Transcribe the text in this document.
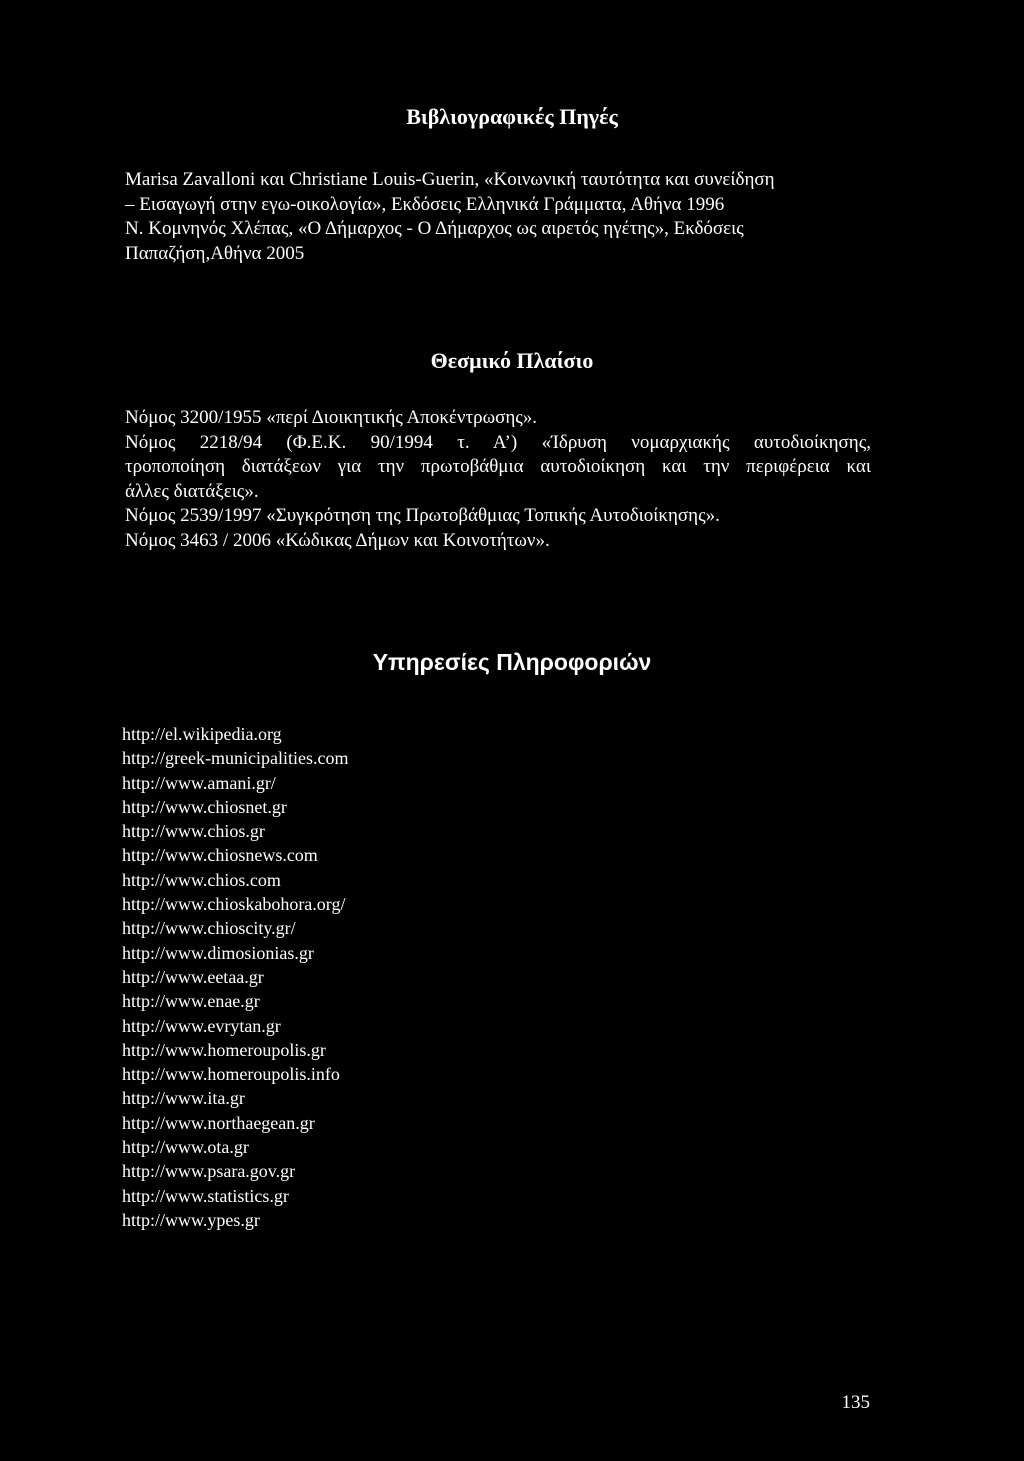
Βιβλιογραφικές Πηγές
Marisa Zavalloni και Christiane Louis-Guerin, «Κοινωνική ταυτότητα και συνείδηση
– Εισαγωγή στην εγω-οικολογία», Εκδόσεις Ελληνικά Γράμματα, Αθήνα 1996
Ν. Κομνηνός Χλέπας, «Ο Δήμαρχος - Ο Δήμαρχος ως αιρετός ηγέτης», Εκδόσεις
Παπαζήση,Αθήνα 2005
Θεσμικό Πλαίσιο
Νόμος 3200/1955 «περί Διοικητικής Αποκέντρωσης».
Νόμος 2218/94 (Φ.Ε.Κ. 90/1994 τ. Α’) «Ίδρυση νομαρχιακής αυτοδιοίκησης,
τροποποίηση διατάξεων για την πρωτοβάθμια αυτοδιοίκηση και την περιφέρεια και
άλλες διατάξεις».
Νόμος 2539/1997 «Συγκρότηση της Πρωτοβάθμιας Τοπικής Αυτοδιοίκησης».
Νόμος 3463 / 2006 «Κώδικας Δήμων και Κοινοτήτων».
Υπηρεσίες Πληροφοριών
http://el.wikipedia.org
http://greek-municipalities.com
http://www.amani.gr/
http://www.chiosnet.gr
http://www.chios.gr
http://www.chiosnews.com
http://www.chios.com
http://www.chioskabohora.org/
http://www.chioscity.gr/
http://www.dimosionias.gr
http://www.eetaa.gr
http://www.enae.gr
http://www.evrytan.gr
http://www.homeroupolis.gr
http://www.homeroupolis.info
http://www.ita.gr
http://www.northaegean.gr
http://www.ota.gr
http://www.psara.gov.gr
http://www.statistics.gr
http://www.ypes.gr
135
